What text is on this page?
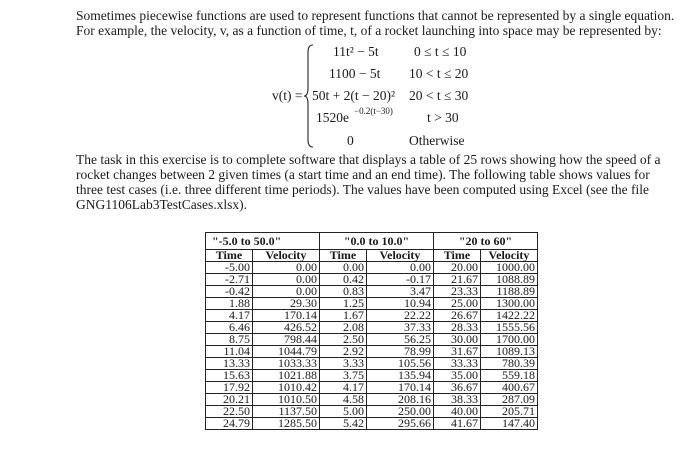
Sometimes piecewise functions are used to represent functions that cannot be represented by a single equation. For example, the velocity, v, as a function of time, t, of a rocket launching into space may be represented by:

v(t) =
11t² − 5t	0 ≤ t ≤ 10
1100 − 5t 10 < t ≤ 20
50t + 2(t − 20)² 20 < t ≤ 30
1520e −0.2(t−30)	t > 30
0	Otherwise

The task in this exercise is to complete software that displays a table of 25 rows showing how the speed of a rocket changes between 2 given times (a start time and an end time). The following table shows values for three test cases (i.e. three different time periods). The values have been computed using Excel (see the file GNG1106Lab3TestCases.xlsx).

"-5.0 to 50.0"		"0.0 to 10.0"		"20 to 60"	
Time	Velocity	Time	Velocity	Time	Velocity
-5.00	0.00	0.00	0.00	20.00	1000.00
-2.71	0.00	0.42	-0.17	21.67	1088.89
-0.42	0.00	0.83	3.47	23.33	1188.89
1.88	29.30	1.25	10.94	25.00	1300.00
4.17	170.14	1.67	22.22	26.67	1422.22
6.46	426.52	2.08	37.33	28.33	1555.56
8.75	798.44	2.50	56.25	30.00	1700.00
11.04	1044.79	2.92	78.99	31.67	1089.13
13.33	1033.33	3.33	105.56	33.33	780.39
15.63	1021.88	3.75	135.94	35.00	559.18
17.92	1010.42	4.17	170.14	36.67	400.67
20.21	1010.50	4.58	208.16	38.33	287.09
22.50	1137.50	5.00	250.00	40.00	205.71
24.79	1285.50	5.42	295.66	41.67	147.40
